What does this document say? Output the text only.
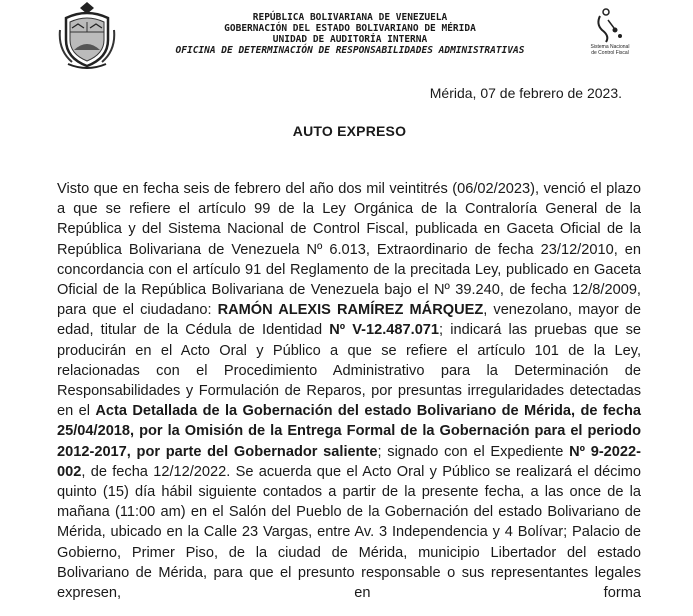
REPÚBLICA BOLIVARIANA DE VENEZUELA
GOBERNACIÓN DEL ESTADO BOLIVARIANO DE MÉRIDA
UNIDAD DE AUDITORÍA INTERNA
OFICINA DE DETERMINACIÓN DE RESPONSABILIDADES ADMINISTRATIVAS	Sistema Nacional
de Control Fiscal
Mérida, 07 de febrero de 2023.
AUTO EXPRESO
Visto que en fecha seis de febrero del año dos mil veintitrés (06/02/2023), venció el plazo a que se refiere el artículo 99 de la Ley Orgánica de la Contraloría General de la República y del Sistema Nacional de Control Fiscal, publicada en Gaceta Oficial de la República Bolivariana de Venezuela Nº 6.013, Extraordinario de fecha 23/12/2010, en concordancia con el artículo 91 del Reglamento de la precitada Ley, publicado en Gaceta Oficial de la República Bolivariana de Venezuela bajo el Nº 39.240, de fecha 12/8/2009, para que el ciudadano: RAMÓN ALEXIS RAMÍREZ MÁRQUEZ, venezolano, mayor de edad, titular de la Cédula de Identidad Nº V-12.487.071; indicará las pruebas que se producirán en el Acto Oral y Público a que se refiere el artículo 101 de la Ley, relacionadas con el Procedimiento Administrativo para la Determinación de Responsabilidades y Formulación de Reparos, por presuntas irregularidades detectadas en el Acta Detallada de la Gobernación del estado Bolivariano de Mérida, de fecha 25/04/2018, por la Omisión de la Entrega Formal de la Gobernación para el periodo 2012-2017, por parte del Gobernador saliente; signado con el Expediente Nº 9-2022-002, de fecha 12/12/2022. Se acuerda que el Acto Oral y Público se realizará el décimo quinto (15) día hábil siguiente contados a partir de la presente fecha, a las once de la mañana (11:00 am) en el Salón del Pueblo de la Gobernación del estado Bolivariano de Mérida, ubicado en la Calle 23 Vargas, entre Av. 3 Independencia y 4 Bolívar; Palacio de Gobierno, Primer Piso, de la ciudad de Mérida, municipio Libertador del estado Bolivariano de Mérida, para que el presunto responsable o sus representantes legales expresen, en forma
